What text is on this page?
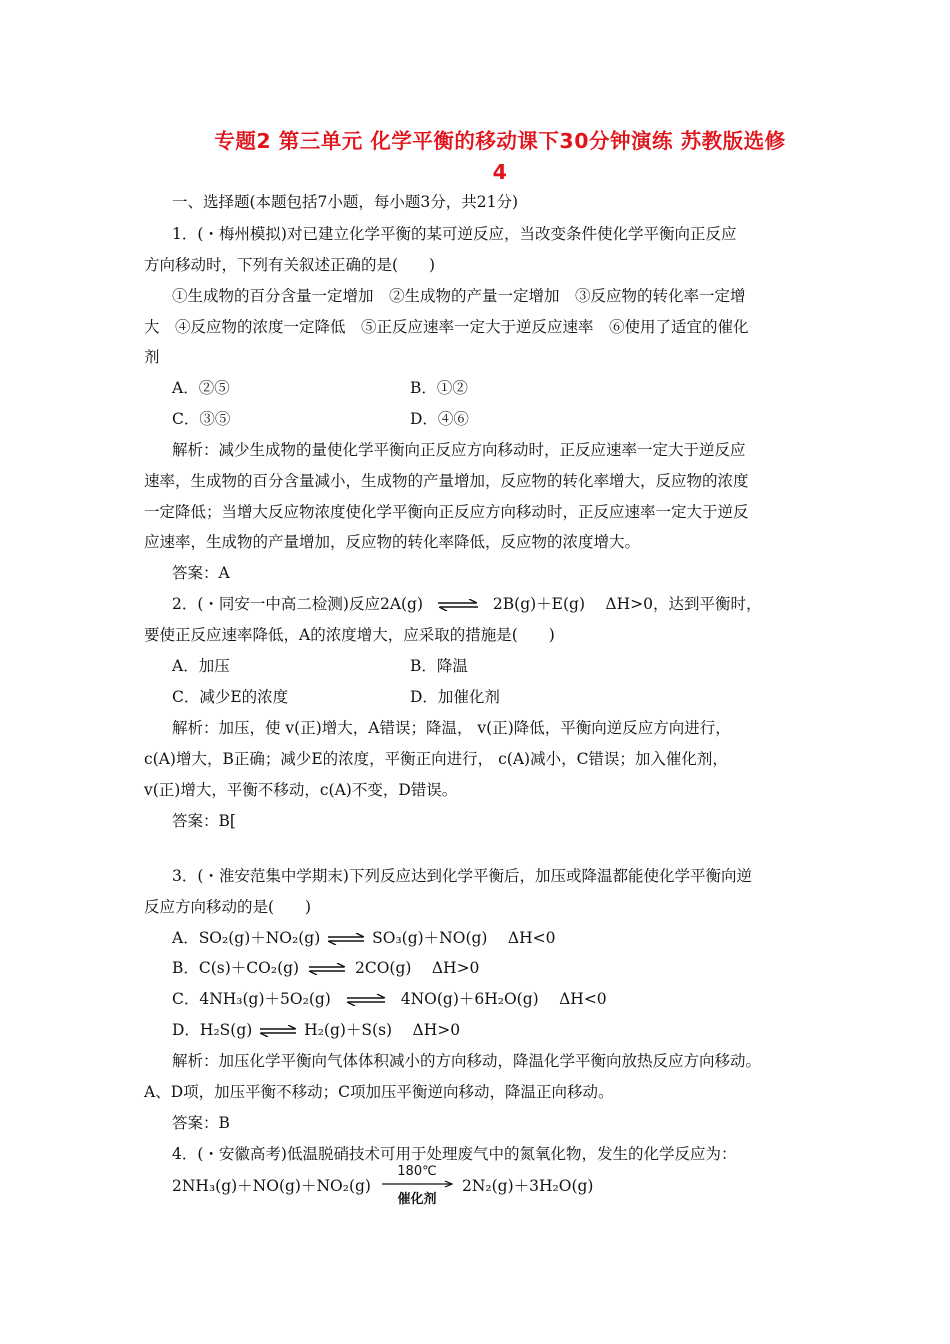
专题2 第三单元 化学平衡的移动课下30分钟演练 苏教版选修
4
一、选择题(本题包括7小题，每小题3分，共21分)
1．(・梅州模拟)对已建立化学平衡的某可逆反应，当改变条件使化学平衡向正反应
方向移动时，下列有关叙述正确的是(　　)
①生成物的百分含量一定增加　②生成物的产量一定增加　③反应物的转化率一定增
大　④反应物的浓度一定降低　⑤正反应速率一定大于逆反应速率　⑥使用了适宜的催化
剂
A．②⑤	B．①②
C．③⑤	D．④⑥
解析：减少生成物的量使化学平衡向正反应方向移动时，正反应速率一定大于逆反应
速率，生成物的百分含量减小，生成物的产量增加，反应物的转化率增大，反应物的浓度
一定降低；当增大反应物浓度使化学平衡向正反应方向移动时，正反应速率一定大于逆反
应速率，生成物的产量增加，反应物的转化率降低，反应物的浓度增大。
答案：A
2．(・同安一中高二检测)反应2A(g) ⇌ 2B(g)＋E(g)　 ΔH>0，达到平衡时，
要使正反应速率降低，A的浓度增大，应采取的措施是(　　)
A．加压	B．降温
C．减少E的浓度	D．加催化剂
解析：加压，使 v(正)增大，A错误；降温， v(正)降低，平衡向逆反应方向进行，
c(A)增大，B正确；减少E的浓度，平衡正向进行， c(A)减小，C错误；加入催化剂，
v(正)增大，平衡不移动，c(A)不变，D错误。
答案：B[
3．(・淮安范集中学期末)下列反应达到化学平衡后，加压或降温都能使化学平衡向逆
反应方向移动的是(　　)
A．SO₂(g)＋NO₂(g) ⇌ SO₃(g)＋NO(g)　 ΔH<0
B．C(s)＋CO₂(g) ⇌ 2CO(g)　 ΔH>0
C．4NH₃(g)＋5O₂(g) ⇌ 4NO(g)＋6H₂O(g)　 ΔH<0
D．H₂S(g) ⇌ H₂(g)＋S(s)　 ΔH>0
解析：加压化学平衡向气体体积减小的方向移动，降温化学平衡向放热反应方向移动。
A、D项，加压平衡不移动；C项加压平衡逆向移动，降温正向移动。
答案：B
4．(・安徽高考)低温脱硝技术可用于处理废气中的氮氧化物，发生的化学反应为：
2NH₃(g)＋NO(g)＋NO₂(g)
180℃
催化剂
2N₂(g)＋3H₂O(g)
